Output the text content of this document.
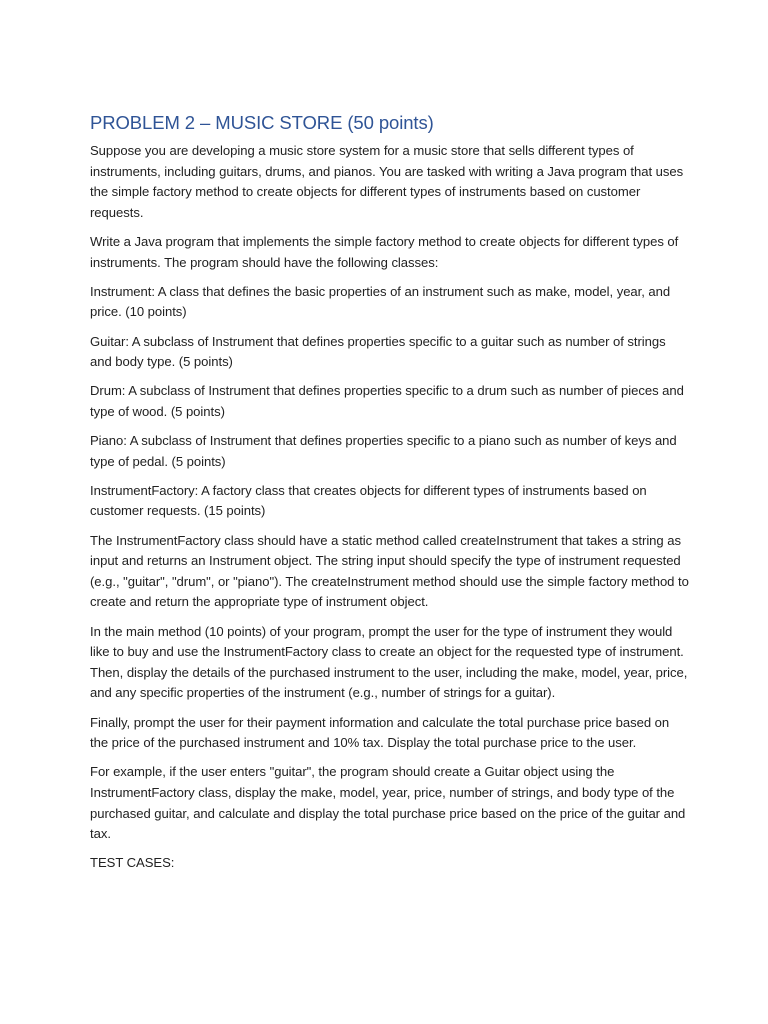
PROBLEM 2 – MUSIC STORE (50 points)

Suppose you are developing a music store system for a music store that sells different types of instruments, including guitars, drums, and pianos. You are tasked with writing a Java program that uses the simple factory method to create objects for different types of instruments based on customer requests.

Write a Java program that implements the simple factory method to create objects for different types of instruments. The program should have the following classes:

Instrument: A class that defines the basic properties of an instrument such as make, model, year, and price. (10 points)

Guitar: A subclass of Instrument that defines properties specific to a guitar such as number of strings and body type. (5 points)

Drum: A subclass of Instrument that defines properties specific to a drum such as number of pieces and type of wood. (5 points)

Piano: A subclass of Instrument that defines properties specific to a piano such as number of keys and type of pedal. (5 points)

InstrumentFactory: A factory class that creates objects for different types of instruments based on customer requests. (15 points)

The InstrumentFactory class should have a static method called createInstrument that takes a string as input and returns an Instrument object. The string input should specify the type of instrument requested (e.g., "guitar", "drum", or "piano"). The createInstrument method should use the simple factory method to create and return the appropriate type of instrument object.

In the main method (10 points) of your program, prompt the user for the type of instrument they would like to buy and use the InstrumentFactory class to create an object for the requested type of instrument. Then, display the details of the purchased instrument to the user, including the make, model, year, price, and any specific properties of the instrument (e.g., number of strings for a guitar).

Finally, prompt the user for their payment information and calculate the total purchase price based on the price of the purchased instrument and 10% tax. Display the total purchase price to the user.

For example, if the user enters "guitar", the program should create a Guitar object using the InstrumentFactory class, display the make, model, year, price, number of strings, and body type of the purchased guitar, and calculate and display the total purchase price based on the price of the guitar and tax.

TEST CASES:
